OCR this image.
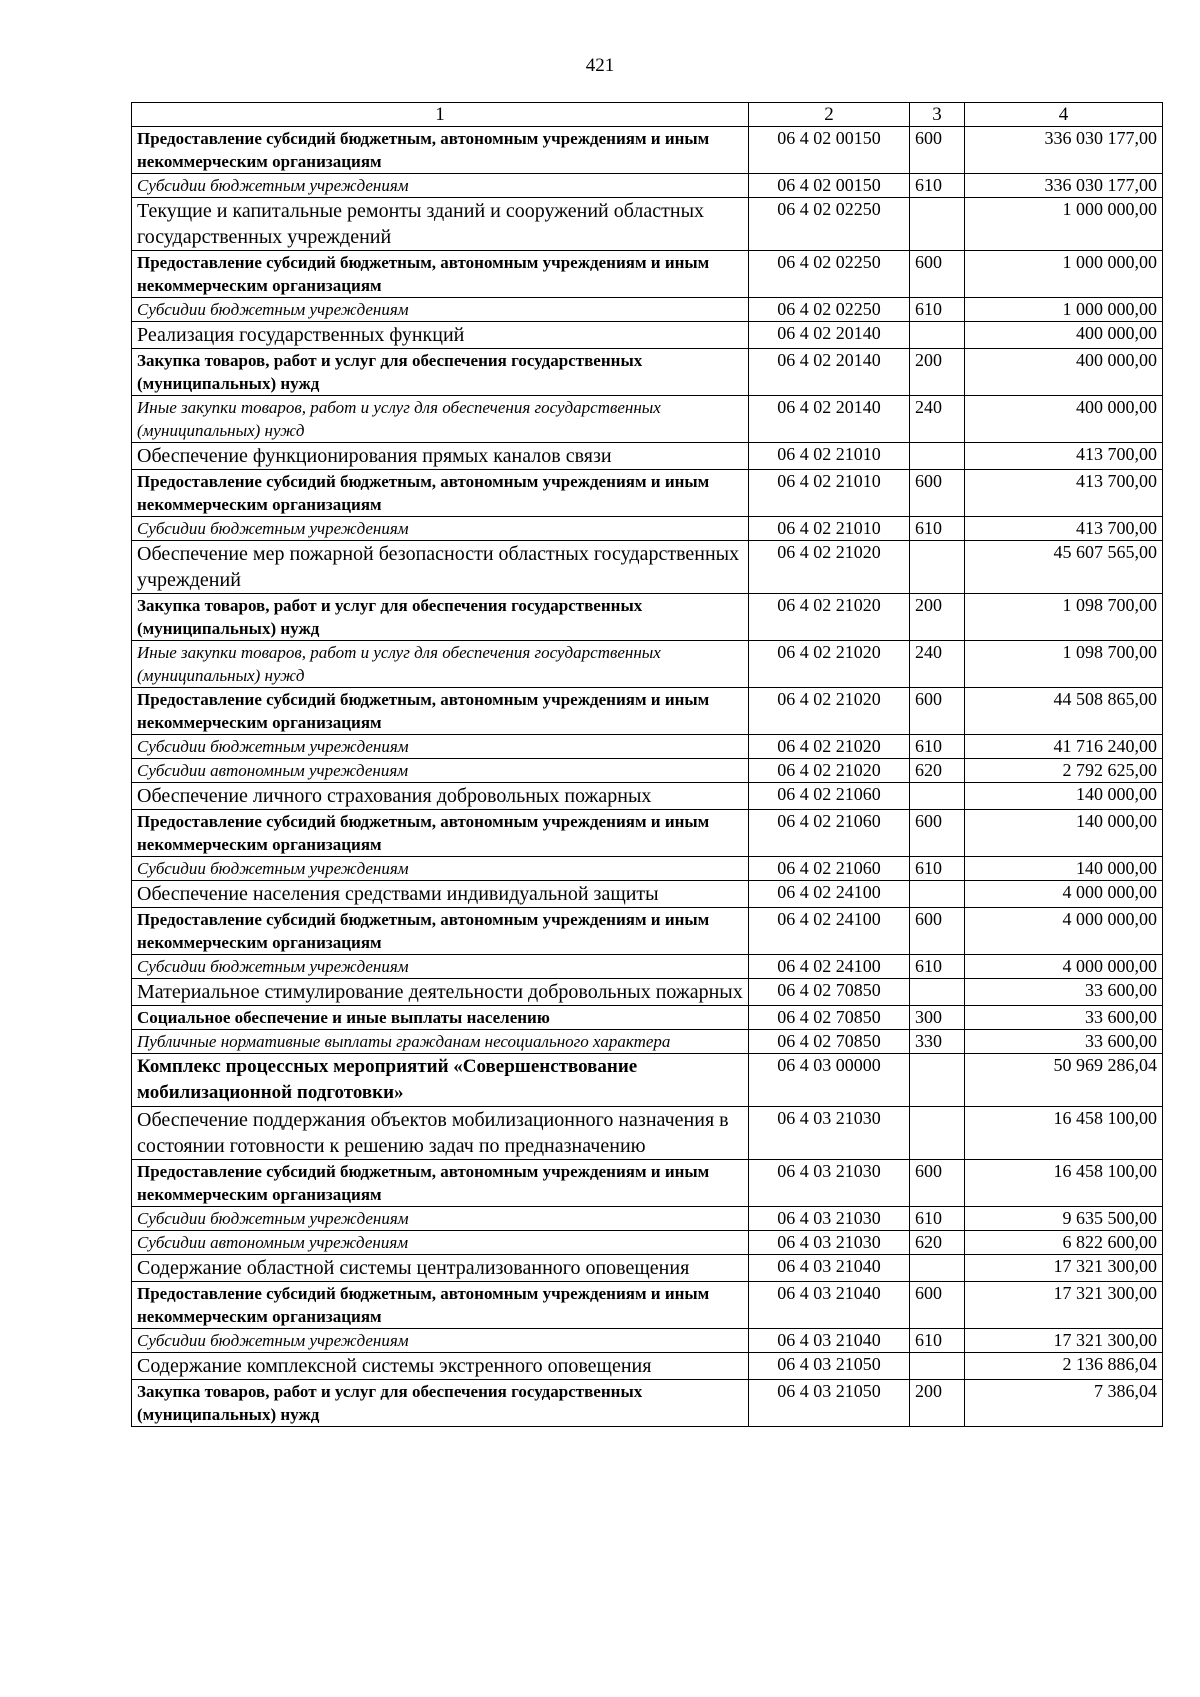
421
1	2	3	4
Предоставление субсидий бюджетным, автономным учреждениям и иным некоммерческим организациям	06 4 02 00150	600	336 030 177,00
Субсидии бюджетным учреждениям	06 4 02 00150	610	336 030 177,00
Текущие и капитальные ремонты зданий и сооружений областных государственных учреждений	06 4 02 02250		1 000 000,00
Предоставление субсидий бюджетным, автономным учреждениям и иным некоммерческим организациям	06 4 02 02250	600	1 000 000,00
Субсидии бюджетным учреждениям	06 4 02 02250	610	1 000 000,00
Реализация государственных функций	06 4 02 20140		400 000,00
Закупка товаров, работ и услуг для обеспечения государственных (муниципальных) нужд	06 4 02 20140	200	400 000,00
Иные закупки товаров, работ и услуг для обеспечения государственных (муниципальных) нужд	06 4 02 20140	240	400 000,00
Обеспечение функционирования прямых каналов связи	06 4 02 21010		413 700,00
Предоставление субсидий бюджетным, автономным учреждениям и иным некоммерческим организациям	06 4 02 21010	600	413 700,00
Субсидии бюджетным учреждениям	06 4 02 21010	610	413 700,00
Обеспечение мер пожарной безопасности областных государственных учреждений	06 4 02 21020		45 607 565,00
Закупка товаров, работ и услуг для обеспечения государственных (муниципальных) нужд	06 4 02 21020	200	1 098 700,00
Иные закупки товаров, работ и услуг для обеспечения государственных (муниципальных) нужд	06 4 02 21020	240	1 098 700,00
Предоставление субсидий бюджетным, автономным учреждениям и иным некоммерческим организациям	06 4 02 21020	600	44 508 865,00
Субсидии бюджетным учреждениям	06 4 02 21020	610	41 716 240,00
Субсидии автономным учреждениям	06 4 02 21020	620	2 792 625,00
Обеспечение личного страхования добровольных пожарных	06 4 02 21060		140 000,00
Предоставление субсидий бюджетным, автономным учреждениям и иным некоммерческим организациям	06 4 02 21060	600	140 000,00
Субсидии бюджетным учреждениям	06 4 02 21060	610	140 000,00
Обеспечение населения средствами индивидуальной защиты	06 4 02 24100		4 000 000,00
Предоставление субсидий бюджетным, автономным учреждениям и иным некоммерческим организациям	06 4 02 24100	600	4 000 000,00
Субсидии бюджетным учреждениям	06 4 02 24100	610	4 000 000,00
Материальное стимулирование деятельности добровольных пожарных	06 4 02 70850		33 600,00
Социальное обеспечение и иные выплаты населению	06 4 02 70850	300	33 600,00
Публичные нормативные выплаты гражданам несоциального характера	06 4 02 70850	330	33 600,00
Комплекс процессных мероприятий «Совершенствование мобилизационной подготовки»	06 4 03 00000		50 969 286,04
Обеспечение поддержания объектов мобилизационного назначения в состоянии готовности к решению задач по предназначению	06 4 03 21030		16 458 100,00
Предоставление субсидий бюджетным, автономным учреждениям и иным некоммерческим организациям	06 4 03 21030	600	16 458 100,00
Субсидии бюджетным учреждениям	06 4 03 21030	610	9 635 500,00
Субсидии автономным учреждениям	06 4 03 21030	620	6 822 600,00
Содержание областной системы централизованного оповещения	06 4 03 21040		17 321 300,00
Предоставление субсидий бюджетным, автономным учреждениям и иным некоммерческим организациям	06 4 03 21040	600	17 321 300,00
Субсидии бюджетным учреждениям	06 4 03 21040	610	17 321 300,00
Содержание комплексной системы экстренного оповещения	06 4 03 21050		2 136 886,04
Закупка товаров, работ и услуг для обеспечения государственных (муниципальных) нужд	06 4 03 21050	200	7 386,04
